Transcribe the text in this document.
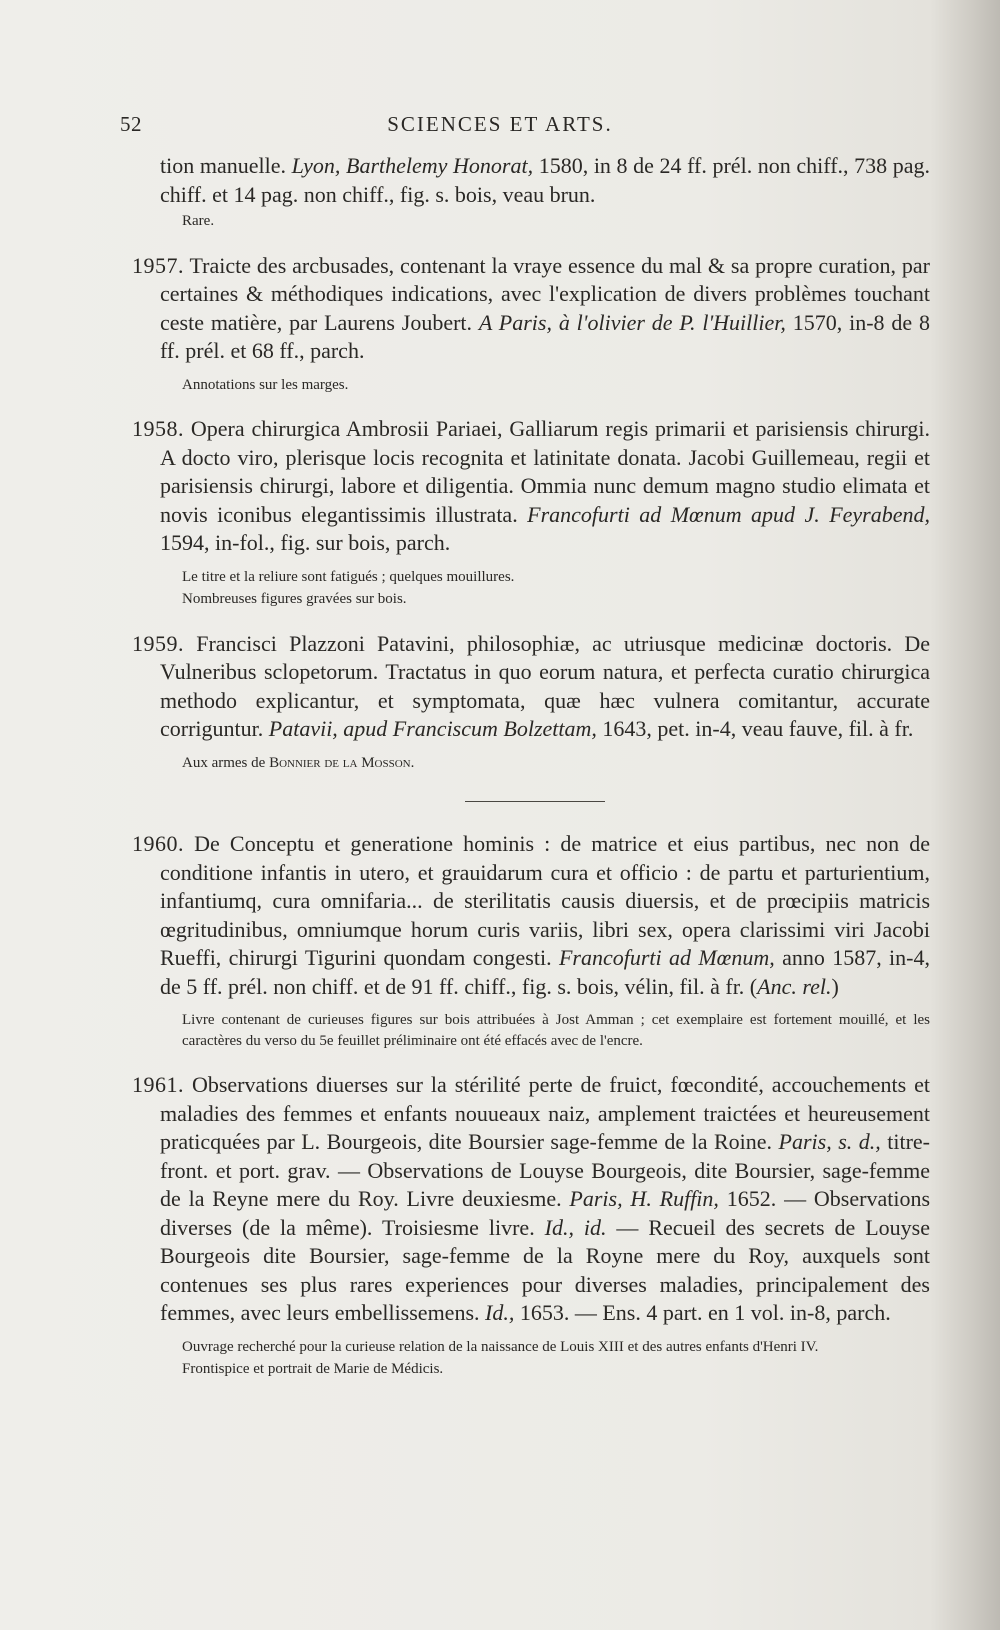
52	SCIENCES ET ARTS.

tion manuelle. Lyon, Barthelemy Honorat, 1580, in 8 de 24 ff. prél. non chiff., 738 pag. chiff. et 14 pag. non chiff., fig. s. bois, veau brun.

Rare.

1957. Traicte des arcbusades, contenant la vraye essence du mal & sa propre curation, par certaines & méthodiques indications, avec l'explication de divers problèmes touchant ceste matière, par Laurens Joubert. A Paris, à l'olivier de P. l'Huillier, 1570, in-8 de 8 ff. prél. et 68 ff., parch.

Annotations sur les marges.

1958. Opera chirurgica Ambrosii Pariaei, Galliarum regis primarii et parisiensis chirurgi. A docto viro, plerisque locis recognita et latinitate donata. Jacobi Guillemeau, regii et parisiensis chirurgi, labore et diligentia. Ommia nunc demum magno studio elimata et novis iconibus elegantissimis illustrata. Francofurti ad Mœnum apud J. Feyrabend, 1594, in-fol., fig. sur bois, parch.

Le titre et la reliure sont fatigués ; quelques mouillures.

Nombreuses figures gravées sur bois.

1959. Francisci Plazzoni Patavini, philosophiæ, ac utriusque medicinæ doctoris. De Vulneribus sclopetorum. Tractatus in quo eorum natura, et perfecta curatio chirurgica methodo explicantur, et symptomata, quæ hæc vulnera comitantur, accurate corriguntur. Patavii, apud Franciscum Bolzettam, 1643, pet. in-4, veau fauve, fil. à fr.

Aux armes de Bonnier de la Mosson.

1960. De Conceptu et generatione hominis : de matrice et eius partibus, nec non de conditione infantis in utero, et grauidarum cura et officio : de partu et parturientium, infantiumq, cura omnifaria... de sterilitatis causis diuersis, et de prœcipiis matricis œgritudinibus, omniumque horum curis variis, libri sex, opera clarissimi viri Jacobi Rueffi, chirurgi Tigurini quondam congesti. Francofurti ad Mœnum, anno 1587, in-4, de 5 ff. prél. non chiff. et de 91 ff. chiff., fig. s. bois, vélin, fil. à fr. (Anc. rel.)

Livre contenant de curieuses figures sur bois attribuées à Jost Amman ; cet exemplaire est fortement mouillé, et les caractères du verso du 5e feuillet préliminaire ont été effacés avec de l'encre.

1961. Observations diuerses sur la stérilité perte de fruict, fœcondité, accouchements et maladies des femmes et enfants nouueaux naiz, amplement traictées et heureusement praticquées par L. Bourgeois, dite Boursier sage-femme de la Roine. Paris, s. d., titre-front. et port. grav. — Observations de Louyse Bourgeois, dite Boursier, sage-femme de la Reyne mere du Roy. Livre deuxiesme. Paris, H. Ruffin, 1652. — Observations diverses (de la même). Troisiesme livre. Id., id. — Recueil des secrets de Louyse Bourgeois dite Boursier, sage-femme de la Royne mere du Roy, auxquels sont contenues ses plus rares experiences pour diverses maladies, principalement des femmes, avec leurs embellissemens. Id., 1653. — Ens. 4 part. en 1 vol. in-8, parch.

Ouvrage recherché pour la curieuse relation de la naissance de Louis XIII et des autres enfants d'Henri IV.

Frontispice et portrait de Marie de Médicis.
